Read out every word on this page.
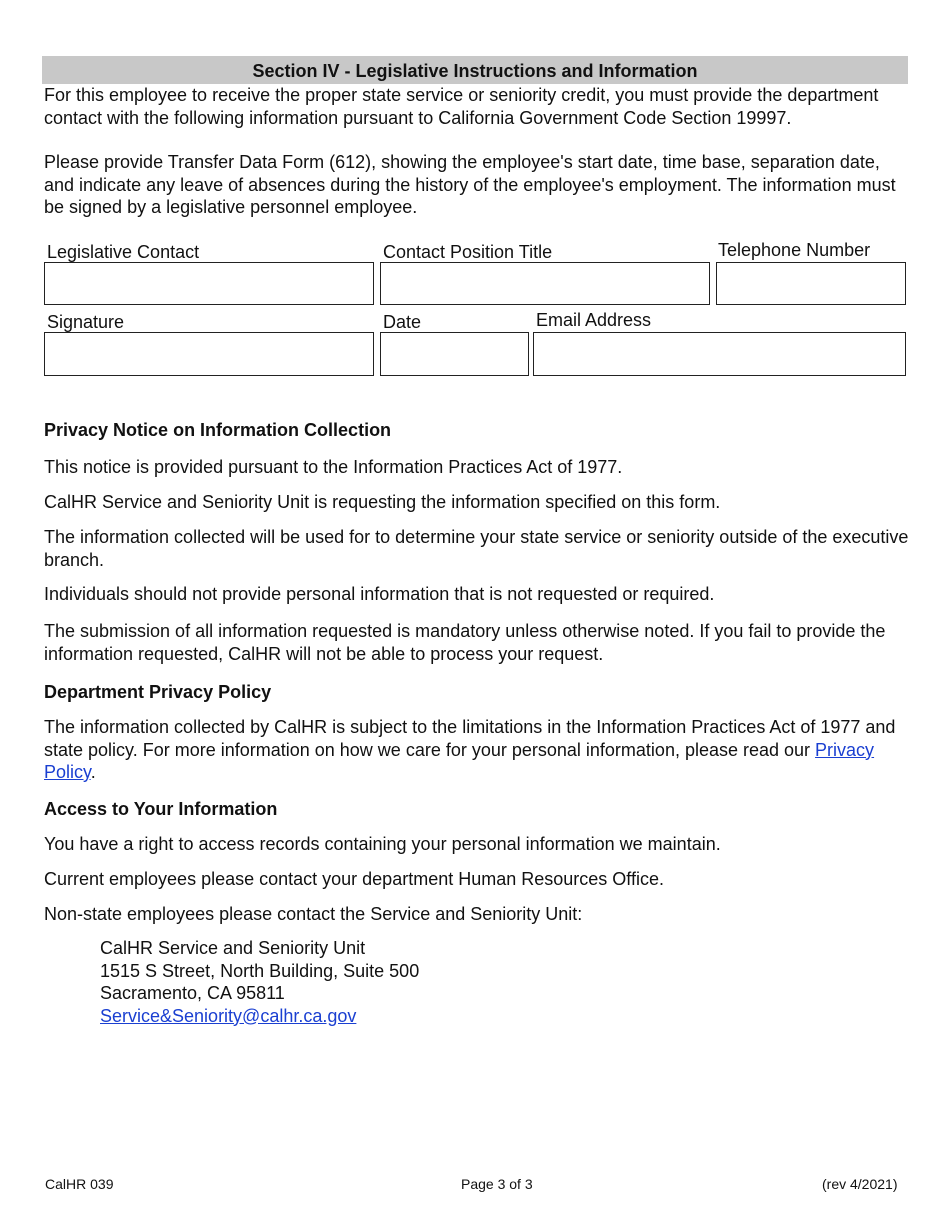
Section IV - Legislative Instructions and Information

For this employee to receive the proper state service or seniority credit, you must provide the department contact with the following information pursuant to California Government Code Section 19997.

Please provide Transfer Data Form (612), showing the employee's start date, time base, separation date, and indicate any leave of absences during the history of the employee's employment. The information must be signed by a legislative personnel employee.

Legislative Contact	Contact Position Title	Telephone Number
Signature	Date	Email Address
Privacy Notice on Information Collection

This notice is provided pursuant to the Information Practices Act of 1977.

CalHR Service and Seniority Unit is requesting the information specified on this form.

The information collected will be used for to determine your state service or seniority outside of the executive branch.

Individuals should not provide personal information that is not requested or required.

The submission of all information requested is mandatory unless otherwise noted. If you fail to provide the information requested, CalHR will not be able to process your request.

Department Privacy Policy

The information collected by CalHR is subject to the limitations in the Information Practices Act of 1977 and state policy. For more information on how we care for your personal information, please read our Privacy Policy.

Access to Your Information

You have a right to access records containing your personal information we maintain.

Current employees please contact your department Human Resources Office.

Non-state employees please contact the Service and Seniority Unit:

CalHR Service and Seniority Unit
1515 S Street, North Building, Suite 500
Sacramento, CA 95811
Service&Seniority@calhr.ca.gov
CalHR 039	Page 3 of 3	(rev 4/2021)
